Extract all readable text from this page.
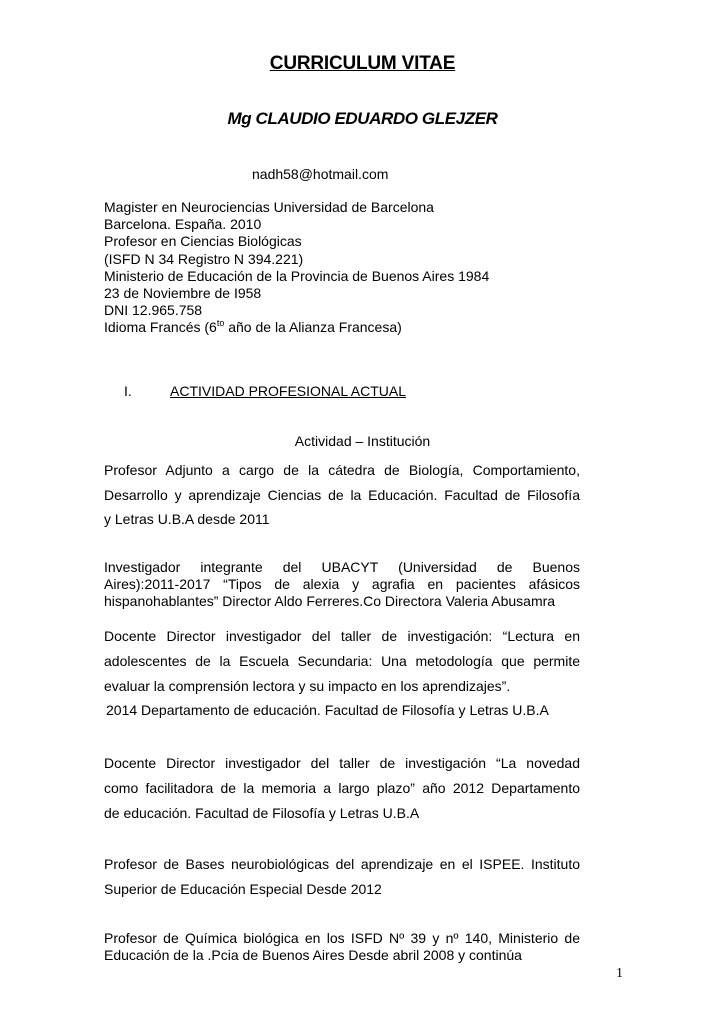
CURRICULUM VITAE
Mg CLAUDIO EDUARDO GLEJZER
nadh58@hotmail.com
Magister en Neurociencias Universidad de Barcelona
Barcelona. España. 2010
Profesor en Ciencias Biológicas
(ISFD N 34 Registro N 394.221)
Ministerio de Educación de la Provincia de Buenos Aires 1984
23 de Noviembre de I958
DNI 12.965.758
Idioma Francés ($6^{to}$ año de la Alianza Francesa)
I.	ACTIVIDAD PROFESIONAL ACTUAL
Actividad – Institución
Profesor Adjunto a cargo de la cátedra de Biología, Comportamiento,
Desarrollo y aprendizaje Ciencias de la Educación. Facultad de Filosofía
y Letras U.B.A desde 2011
Investigador integrante del UBACYT (Universidad de Buenos
Aires):2011-2017 “Tipos de alexia y agrafia en pacientes afásicos
hispanohablantes” Director Aldo Ferreres.Co Directora Valeria Abusamra
Docente Director investigador del taller de investigación: “Lectura en
adolescentes de la Escuela Secundaria: Una metodología que permite
evaluar la comprensión lectora y su impacto en los aprendizajes”.
2014 Departamento de educación. Facultad de Filosofía y Letras U.B.A
Docente Director investigador del taller de investigación “La novedad
como facilitadora de la memoria a largo plazo” año 2012 Departamento
de educación. Facultad de Filosofía y Letras U.B.A
Profesor de Bases neurobiológicas del aprendizaje en el ISPEE. Instituto
Superior de Educación Especial Desde 2012
Profesor de Química biológica en los ISFD Nº 39 y nº 140, Ministerio de
Educación de la .Pcia de Buenos Aires Desde abril 2008 y continúa
1
